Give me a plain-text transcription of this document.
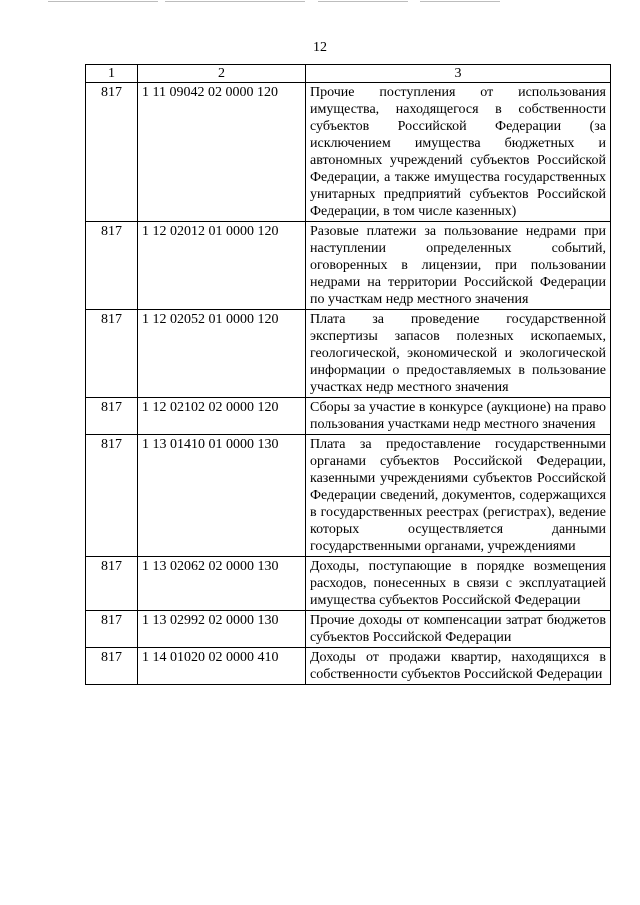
12
1	2	3
817	1 11 09042 02 0000 120	Прочие поступления от использования имущества, находящегося в собственности субъектов Российской Федерации (за исключением имущества бюджетных и автономных учреждений субъектов Российской Федерации, а также имущества государственных унитарных предприятий субъектов Российской Федерации, в том числе казенных)
817	1 12 02012 01 0000 120	Разовые платежи за пользование недрами при наступлении определенных событий, оговоренных в лицензии, при пользовании недрами на территории Российской Федерации по участкам недр местного значения
817	1 12 02052 01 0000 120	Плата за проведение государственной экспертизы запасов полезных ископаемых, геологической, экономической и экологической информации о предоставляемых в пользование участках недр местного значения
817	1 12 02102 02 0000 120	Сборы за участие в конкурсе (аукционе) на право пользования участками недр местного значения
817	1 13 01410 01 0000 130	Плата за предоставление государственными органами субъектов Российской Федерации, казенными учреждениями субъектов Российской Федерации сведений, документов, содержащихся в государственных реестрах (регистрах), ведение которых осуществляется данными государственными органами, учреждениями
817	1 13 02062 02 0000 130	Доходы, поступающие в порядке возмещения расходов, понесенных в связи с эксплуатацией имущества субъектов Российской Федерации
817	1 13 02992 02 0000 130	Прочие доходы от компенсации затрат бюджетов субъектов Российской Федерации
817	1 14 01020 02 0000 410	Доходы от продажи квартир, находящихся в собственности субъектов Российской Федерации
